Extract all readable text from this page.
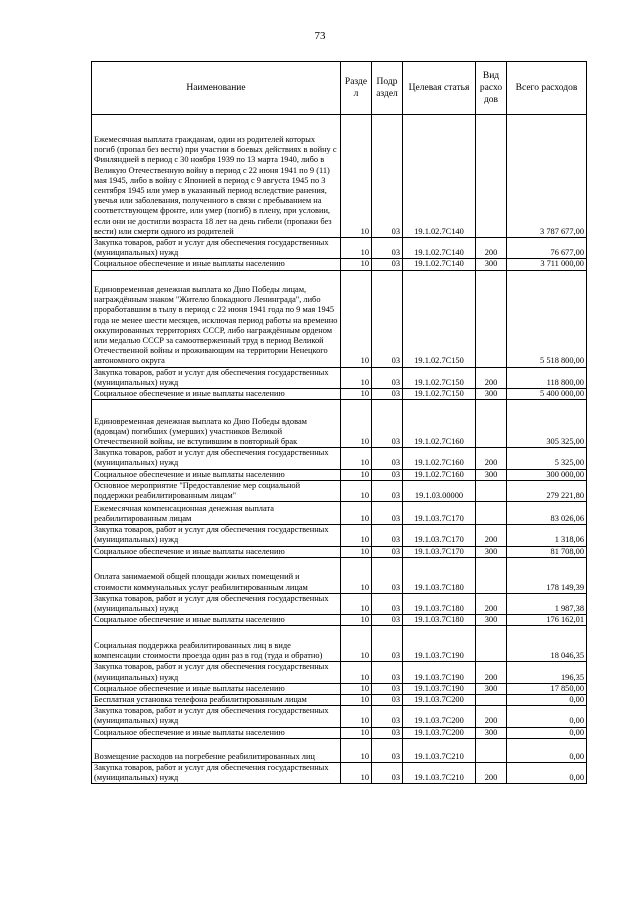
73
Наименование	Разде л	Подр аздел	Целевая статья	Вид расхо дов	Всего расходов
Ежемесячная выплата гражданам, один из родителей которых погиб (пропал без вести) при участии в боевых действиях в войну с Финляндией в период с 30 ноября 1939 по 13 марта 1940, либо в Великую Отечественную войну в период с 22 июня 1941 по 9 (11) мая 1945, либо в войну с Японией в период с 9 августа 1945 по 3 сентября 1945 или умер в указанный период вследствие ранения, увечья или заболевания, полученного в связи с пребыванием на соответствующем фронте, или умер (погиб) в плену, при условии, если они не достигли возраста 18 лет на день гибели (пропажи без вести) или смерти одного из родителей	10	03	19.1.02.7С140		3 787 677,00
Закупка товаров, работ и услуг для обеспечения государственных (муниципальных) нужд	10	03	19.1.02.7С140	200	76 677,00
Социальное обеспечение и иные выплаты населению	10	03	19.1.02.7С140	300	3 711 000,00
Единовременная денежная выплата ко Дню Победы лицам, награждённым знаком "Жителю блокадного Ленинграда", либо проработавшим в тылу в период с 22 июня 1941 года по 9 мая 1945 года не менее шести месяцев, исключая период работы на временно оккупированных территориях СССР, либо награждённым орденом или медалью СССР за самоотверженный труд в период Великой Отечественной войны и проживающим на территории Ненецкого автономного округа	10	03	19.1.02.7С150		5 518 800,00
Закупка товаров, работ и услуг для обеспечения государственных (муниципальных) нужд	10	03	19.1.02.7С150	200	118 800,00
Социальное обеспечение и иные выплаты населению	10	03	19.1.02.7С150	300	5 400 000,00
Единовременная денежная выплата ко Дню Победы вдовам (вдовцам) погибших (умерших) участников Великой Отечественной войны, не вступившим в повторный брак	10	03	19.1.02.7С160		305 325,00
Закупка товаров, работ и услуг для обеспечения государственных (муниципальных) нужд	10	03	19.1.02.7С160	200	5 325,00
Социальное обеспечение и иные выплаты населению	10	03	19.1.02.7С160	300	300 000,00
Основное мероприятие "Предоставление мер социальной поддержки реабилитированным лицам"	10	03	19.1.03.00000		279 221,80
Ежемесячная компенсационная денежная выплата реабилитированным лицам	10	03	19.1.03.7С170		83 026,06
Закупка товаров, работ и услуг для обеспечения государственных (муниципальных) нужд	10	03	19.1.03.7С170	200	1 318,06
Социальное обеспечение и иные выплаты населению	10	03	19.1.03.7С170	300	81 708,00
Оплата занимаемой общей площади жилых помещений и стоимости коммунальных услуг реабилитированным лицам	10	03	19.1.03.7С180		178 149,39
Закупка товаров, работ и услуг для обеспечения государственных (муниципальных) нужд	10	03	19.1.03.7С180	200	1 987,38
Социальное обеспечение и иные выплаты населению	10	03	19.1.03.7С180	300	176 162,01
Социальная поддержка реабилитированных лиц в виде компенсации стоимости проезда один раз в год (туда и обратно)	10	03	19.1.03.7С190		18 046,35
Закупка товаров, работ и услуг для обеспечения государственных (муниципальных) нужд	10	03	19.1.03.7С190	200	196,35
Социальное обеспечение и иные выплаты населению	10	03	19.1.03.7С190	300	17 850,00
Бесплатная установка телефона реабилитированным лицам	10	03	19.1.03.7С200		0,00
Закупка товаров, работ и услуг для обеспечения государственных (муниципальных) нужд	10	03	19.1.03.7С200	200	0,00
Социальное обеспечение и иные выплаты населению	10	03	19.1.03.7С200	300	0,00
Возмещение расходов на погребение реабилитированных лиц	10	03	19.1.03.7С210		0,00
Закупка товаров, работ и услуг для обеспечения государственных (муниципальных) нужд	10	03	19.1.03.7С210	200	0,00
